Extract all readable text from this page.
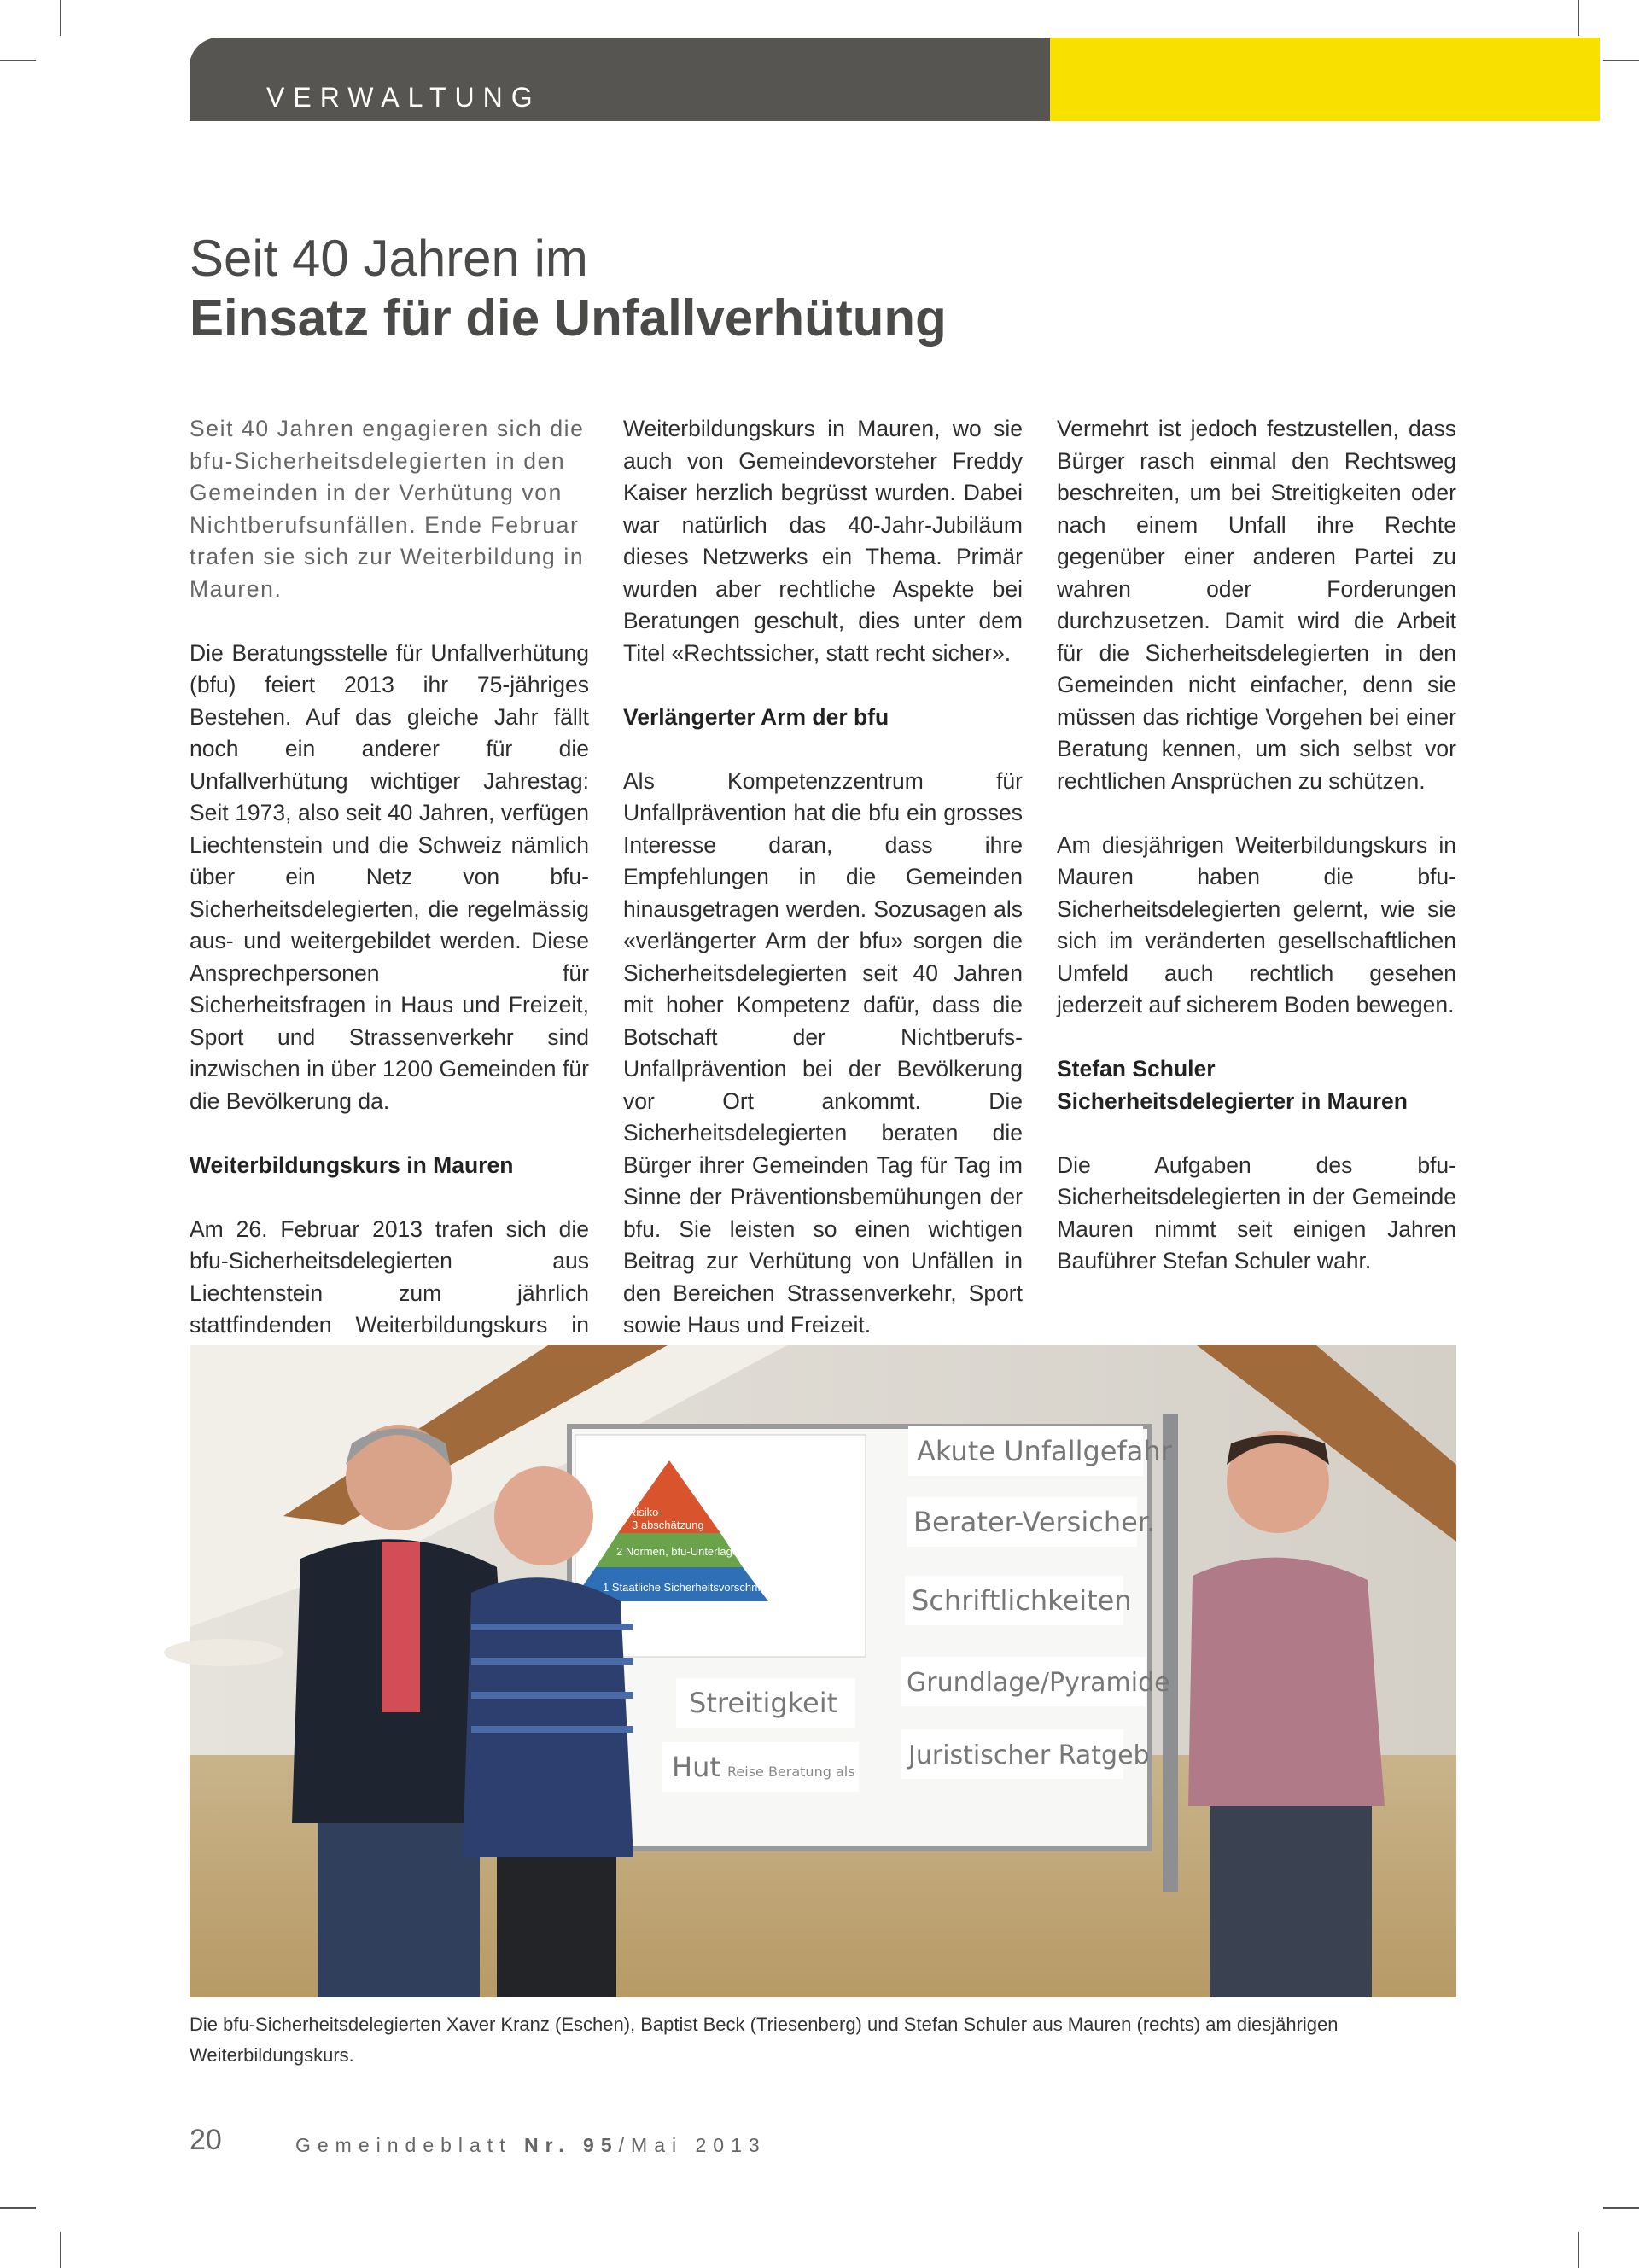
VERWALTUNG
Seit 40 Jahren im
Einsatz für die Unfallverhütung

Seit 40 Jahren engagieren sich die bfu-Sicherheitsdelegierten in den Gemeinden in der Verhütung von Nichtberufsunfällen. Ende Februar trafen sie sich zur Weiterbildung in Mauren.

Die Beratungsstelle für Unfallverhütung (bfu) feiert 2013 ihr 75-jähriges Bestehen. Auf das gleiche Jahr fällt noch ein anderer für die Unfallverhütung wichtiger Jahrestag: Seit 1973, also seit 40 Jahren, verfügen Liechtenstein und die Schweiz nämlich über ein Netz von bfu-Sicherheitsdelegierten, die regelmässig aus- und weitergebildet werden. Diese Ansprechpersonen für Sicherheitsfragen in Haus und Freizeit, Sport und Strassenverkehr sind inzwischen in über 1200 Gemeinden für die Bevölkerung da.

Weiterbildungskurs in Mauren

Am 26. Februar 2013 trafen sich die bfu-Sicherheitsdelegierten aus Liechtenstein zum jährlich stattfindenden Weiterbildungskurs in

Weiterbildungskurs in Mauren, wo sie auch von Gemeindevorsteher Freddy Kaiser herzlich begrüsst wurden. Dabei war natürlich das 40-Jahr-Jubiläum dieses Netzwerks ein Thema. Primär wurden aber rechtliche Aspekte bei Beratungen geschult, dies unter dem Titel «Rechtssicher, statt recht sicher».

Verlängerter Arm der bfu

Als Kompetenzzentrum für Unfallprävention hat die bfu ein grosses Interesse daran, dass ihre Empfehlungen in die Gemeinden hinausgetragen werden. Sozusagen als «verlängerter Arm der bfu» sorgen die Sicherheitsdelegierten seit 40 Jahren mit hoher Kompetenz dafür, dass die Botschaft der Nichtberufs-Unfallprävention bei der Bevölkerung vor Ort ankommt. Die Sicherheitsdelegierten beraten die Bürger ihrer Gemeinden Tag für Tag im Sinne der Präventionsbemühungen der bfu. Sie leisten so einen wichtigen Beitrag zur Verhütung von Unfällen in den Bereichen Strassenverkehr, Sport sowie Haus und Freizeit.

Vermehrt ist jedoch festzustellen, dass Bürger rasch einmal den Rechtsweg beschreiten, um bei Streitigkeiten oder nach einem Unfall ihre Rechte gegenüber einer anderen Partei zu wahren oder Forderungen durchzusetzen. Damit wird die Arbeit für die Sicherheitsdelegierten in den Gemeinden nicht einfacher, denn sie müssen das richtige Vorgehen bei einer Beratung kennen, um sich selbst vor rechtlichen Ansprüchen zu schützen.

Am diesjährigen Weiterbildungskurs in Mauren haben die bfu-Sicherheitsdelegierten gelernt, wie sie sich im veränderten gesellschaftlichen Umfeld auch rechtlich gesehen jederzeit auf sicherem Boden bewegen.

Stefan Schuler
Sicherheitsdelegierter in Mauren

Die Aufgaben des bfu-Sicherheitsdelegierten in der Gemeinde Mauren nimmt seit einigen Jahren Bauführer Stefan Schuler wahr.

Risiko-
3 abschätzung
2 Normen, bfu-Unterlagen
1 Staatliche Sicherheitsvorschriften
Akute Unfallgefahr
Berater-Versicher.
Schriftlichkeiten
Grundlage/Pyramide
Juristischer Ratgeb
Streitigkeit
Hut Reise Beratung als
Die bfu-Sicherheitsdelegierten Xaver Kranz (Eschen), Baptist Beck (Triesenberg) und Stefan Schuler aus Mauren (rechts) am diesjährigen Weiterbildungskurs.
20	Gemeindeblatt Nr. 95/Mai 2013
